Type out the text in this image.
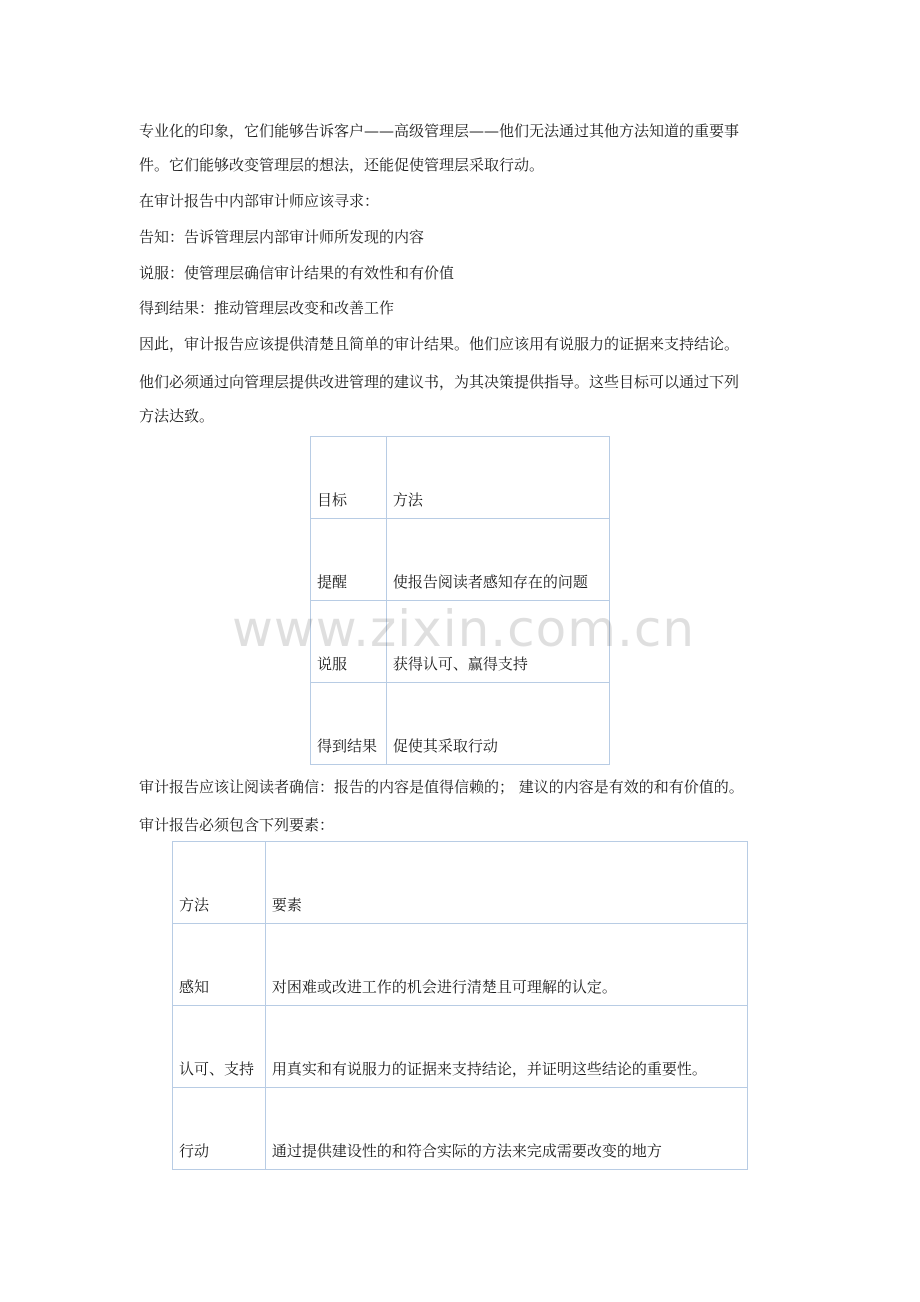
专业化的印象，它们能够告诉客户——高级管理层——他们无法通过其他方法知道的重要事
件。它们能够改变管理层的想法，还能促使管理层采取行动。
在审计报告中内部审计师应该寻求：
告知：告诉管理层内部审计师所发现的内容
说服：使管理层确信审计结果的有效性和有价值
得到结果：推动管理层改变和改善工作
因此，审计报告应该提供清楚且简单的审计结果。他们应该用有说服力的证据来支持结论。
他们必须通过向管理层提供改进管理的建议书，为其决策提供指导。这些目标可以通过下列
方法达致。
目标	方法
提醒	使报告阅读者感知存在的问题
说服	获得认可、赢得支持
得到结果	促使其采取行动
审计报告应该让阅读者确信：报告的内容是值得信赖的； 建议的内容是有效的和有价值的。
审计报告必须包含下列要素：
方法	要素
感知	对困难或改进工作的机会进行清楚且可理解的认定。
认可、支持	用真实和有说服力的证据来支持结论，并证明这些结论的重要性。
行动	通过提供建设性的和符合实际的方法来完成需要改变的地方
www.zixin.com.cn
